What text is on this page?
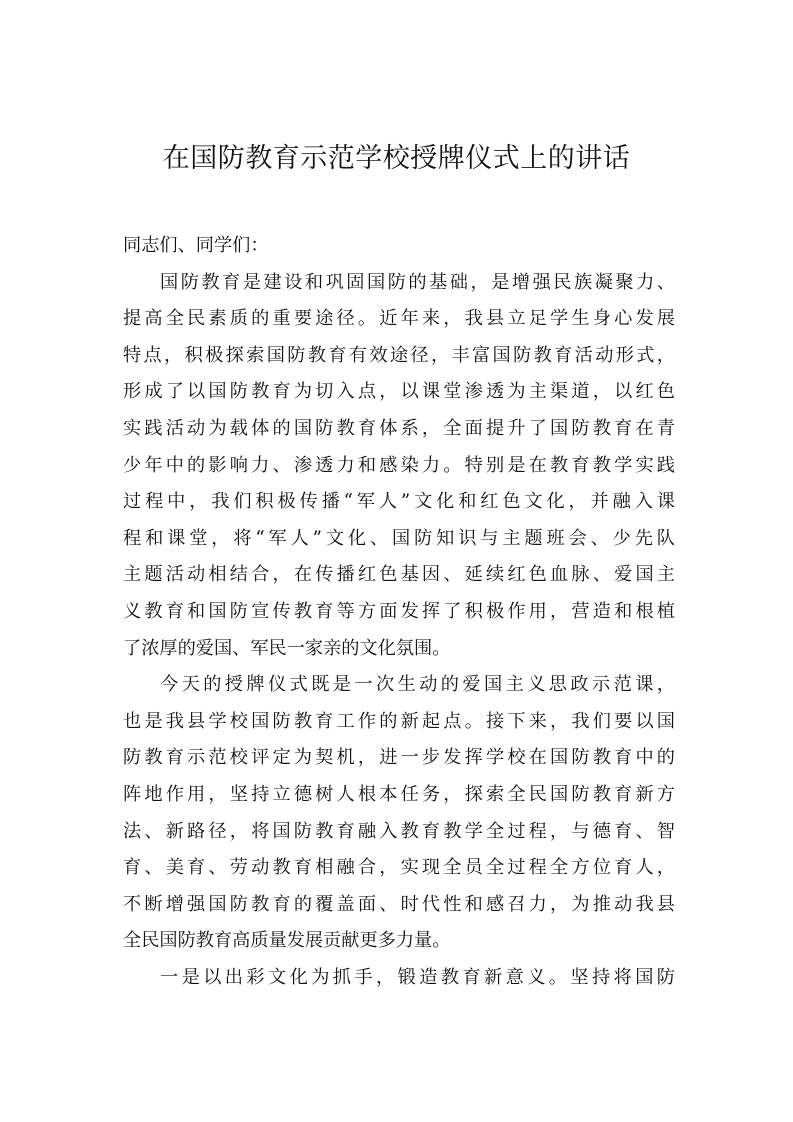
在国防教育示范学校授牌仪式上的讲话
同志们、同学们：
国防教育是建设和巩固国防的基础，是增强民族凝聚力、
提高全民素质的重要途径。近年来，我县立足学生身心发展
特点，积极探索国防教育有效途径，丰富国防教育活动形式，
形成了以国防教育为切入点，以课堂渗透为主渠道，以红色
实践活动为载体的国防教育体系，全面提升了国防教育在青
少年中的影响力、渗透力和感染力。特别是在教育教学实践
过程中，我们积极传播“军人”文化和红色文化，并融入课
程和课堂，将“军人”文化、国防知识与主题班会、少先队
主题活动相结合，在传播红色基因、延续红色血脉、爱国主
义教育和国防宣传教育等方面发挥了积极作用，营造和根植
了浓厚的爱国、军民一家亲的文化氛围。
今天的授牌仪式既是一次生动的爱国主义思政示范课，
也是我县学校国防教育工作的新起点。接下来，我们要以国
防教育示范校评定为契机，进一步发挥学校在国防教育中的
阵地作用，坚持立德树人根本任务，探索全民国防教育新方
法、新路径，将国防教育融入教育教学全过程，与德育、智
育、美育、劳动教育相融合，实现全员全过程全方位育人，
不断增强国防教育的覆盖面、时代性和感召力，为推动我县
全民国防教育高质量发展贡献更多力量。
一是以出彩文化为抓手，锻造教育新意义。坚持将国防
